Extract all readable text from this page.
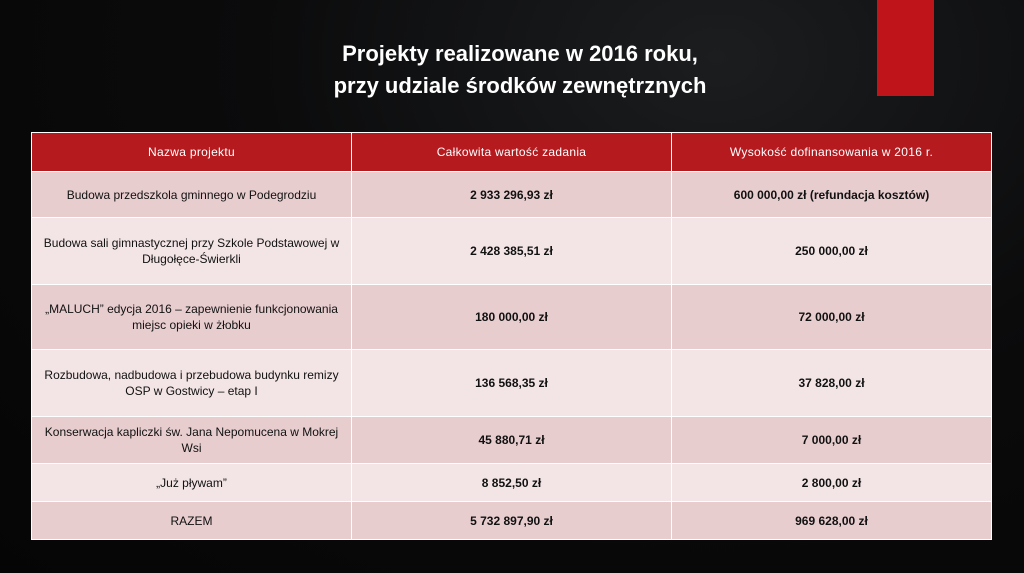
Projekty realizowane w 2016 roku,
przy udziale środków zewnętrznych
Nazwa projektu	Całkowita wartość zadania	Wysokość dofinansowania w 2016 r.
Budowa przedszkola gminnego w Podegrodziu	2 933 296,93 zł	600 000,00 zł (refundacja kosztów)
Budowa sali gimnastycznej przy Szkole Podstawowej w Długołęce-Świerkli	2 428 385,51 zł	250 000,00 zł
„MALUCH” edycja 2016 – zapewnienie funkcjonowania miejsc opieki w żłobku	180 000,00 zł	72 000,00 zł
Rozbudowa, nadbudowa i przebudowa budynku remizy OSP w Gostwicy – etap I	136 568,35 zł	37 828,00 zł
Konserwacja kapliczki św. Jana Nepomucena w Mokrej Wsi	45 880,71 zł	7 000,00 zł
„Już pływam”	8 852,50 zł	2 800,00 zł
RAZEM	5 732 897,90 zł	969 628,00 zł
